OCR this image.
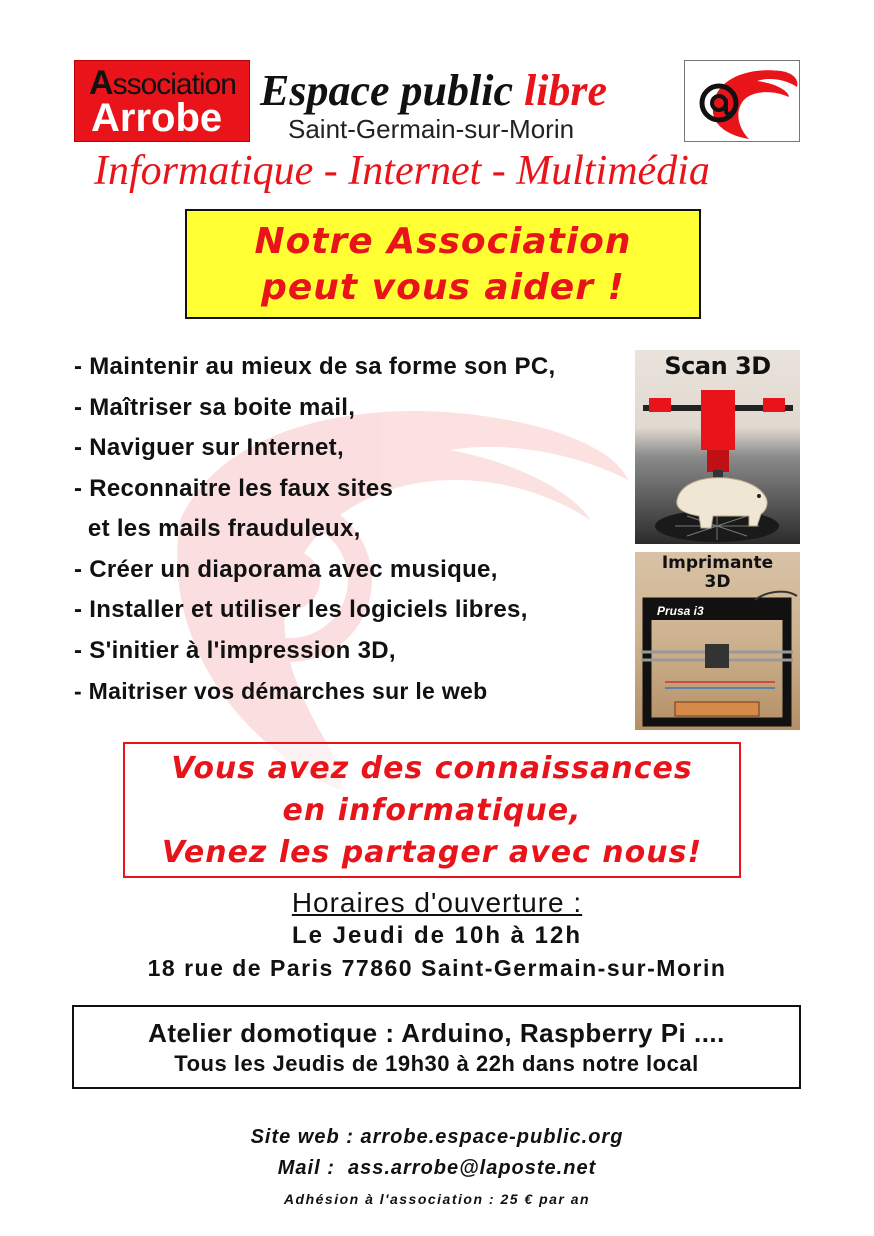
Association
Arrobe
Espace public libre
Saint-Germain-sur-Morin
Informatique - Internet - Multimédia
Notre Association
peut vous aider !
- Maintenir au mieux de sa forme son PC,
- Maîtriser sa boite mail,
- Naviguer sur Internet,
- Reconnaitre les faux sites
et les mails frauduleux,
- Créer un diaporama avec musique,
- Installer et utiliser les logiciels libres,
- S'initier à l'impression 3D,
- Maitriser vos démarches sur le web
Scan 3D
Imprimante
3D
Prusa i3
Vous avez des connaissances
en informatique,
Venez les partager avec nous!
Horaires d'ouverture :
Le Jeudi de 10h à 12h
18 rue de Paris 77860 Saint-Germain-sur-Morin
Atelier domotique : Arduino, Raspberry Pi ....
Tous les Jeudis de 19h30 à 22h dans notre local
Site web : arrobe.espace-public.org
Mail :  ass.arrobe@laposte.net
Adhésion à l'association : 25 € par an
